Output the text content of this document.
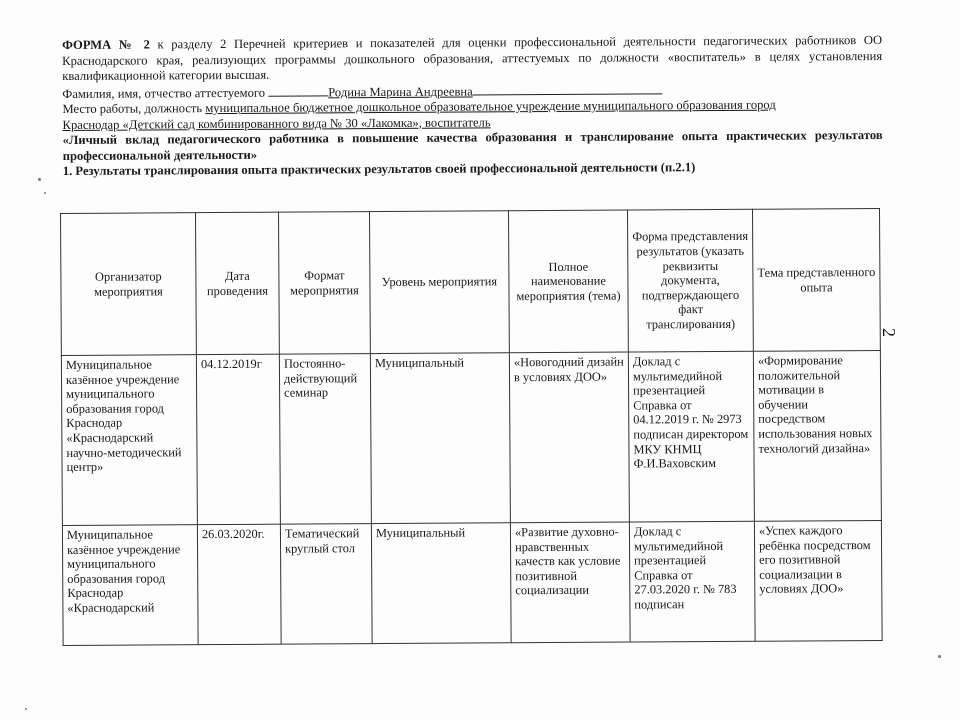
ФОРМА № 2 к разделу 2 Перечней критериев и показателей для оценки профессиональной деятельности педагогических работников ОО Краснодарского края, реализующих программы дошкольного образования, аттестуемых по должности «воспитатель» в целях установления квалификационной категории высшая.

Фамилия, имя, отчество аттестуемого	Родина Марина Андреевна

Место работы, должность муниципальное бюджетное дошкольное образовательное учреждение муниципального образования город

Краснодар «Детский сад комбинированного вида № 30 «Лакомка», воспитатель

«Личный вклад педагогического работника в повышение качества образования и транслирование опыта практических результатов профессиональной деятельности»

1. Результаты транслирования опыта практических результатов своей профессиональной деятельности (п.2.1)

Организатор мероприятия	Дата проведения	Формат мероприятия	Уровень мероприятия	Полное наименование мероприятия (тема)	Форма представления результатов (указать реквизиты документа, подтверждающего факт транслирования)	Тема представленного опыта
Муниципальное казённое учреждение муниципального образования город Краснодар «Краснодарский научно-методический центр»	04.12.2019г	Постоянно-действующий семинар	Муниципальный	«Новогодний дизайн в условиях ДОО»	Доклад с мультимедийной презентацией Справка от 04.12.2019 г. № 2973 подписан директором МКУ КНМЦ Ф.И.Ваховским	«Формирование положительной мотивации в обучении посредством использования новых технологий дизайна»
Муниципальное казённое учреждение муниципального образования город Краснодар «Краснодарский	26.03.2020г.	Тематический круглый стол	Муниципальный	«Развитие духовно-нравственных качеств как условие позитивной социализации	Доклад с мультимедийной презентацией Справка от 27.03.2020 г. № 783 подписан	«Успех каждого ребёнка посредством его позитивной социализации в условиях ДОО»
2
